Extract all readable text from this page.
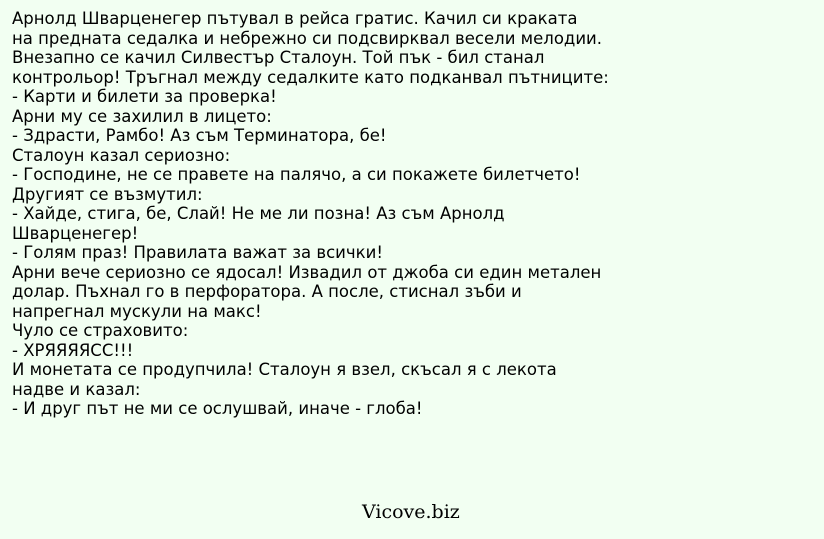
Арнолд Шварценегер пътувал в рейса гратис. Качил си краката
на предната седалка и небрежно си подсвирквал весели мелодии.
Внезапно се качил Силвестър Сталоун. Той пък - бил станал
контрольор! Тръгнал между седалките като подканвал пътниците:
- Карти и билети за проверка!
Арни му се захилил в лицето:
- Здрасти, Рамбо! Аз съм Терминатора, бе!
Сталоун казал сериозно:
- Господине, не се правете на палячо, а си покажете билетчето!
Другият се възмутил:
- Хайде, стига, бе, Слай! Не ме ли позна! Аз съм Арнолд
Шварценегер!
- Голям праз! Правилата важат за всички!
Арни вече сериозно се ядосал! Извадил от джоба си един метален
долар. Пъхнал го в перфоратора. А после, стиснал зъби и
напрегнал мускули на макс!
Чуло се страховито:
- ХРЯЯЯЯСС!!!
И монетата се продупчила! Сталоун я взел, скъсал я с лекота
надве и казал:
- И друг път не ми се ослушвай, иначе - глоба!
Vicove.biz
